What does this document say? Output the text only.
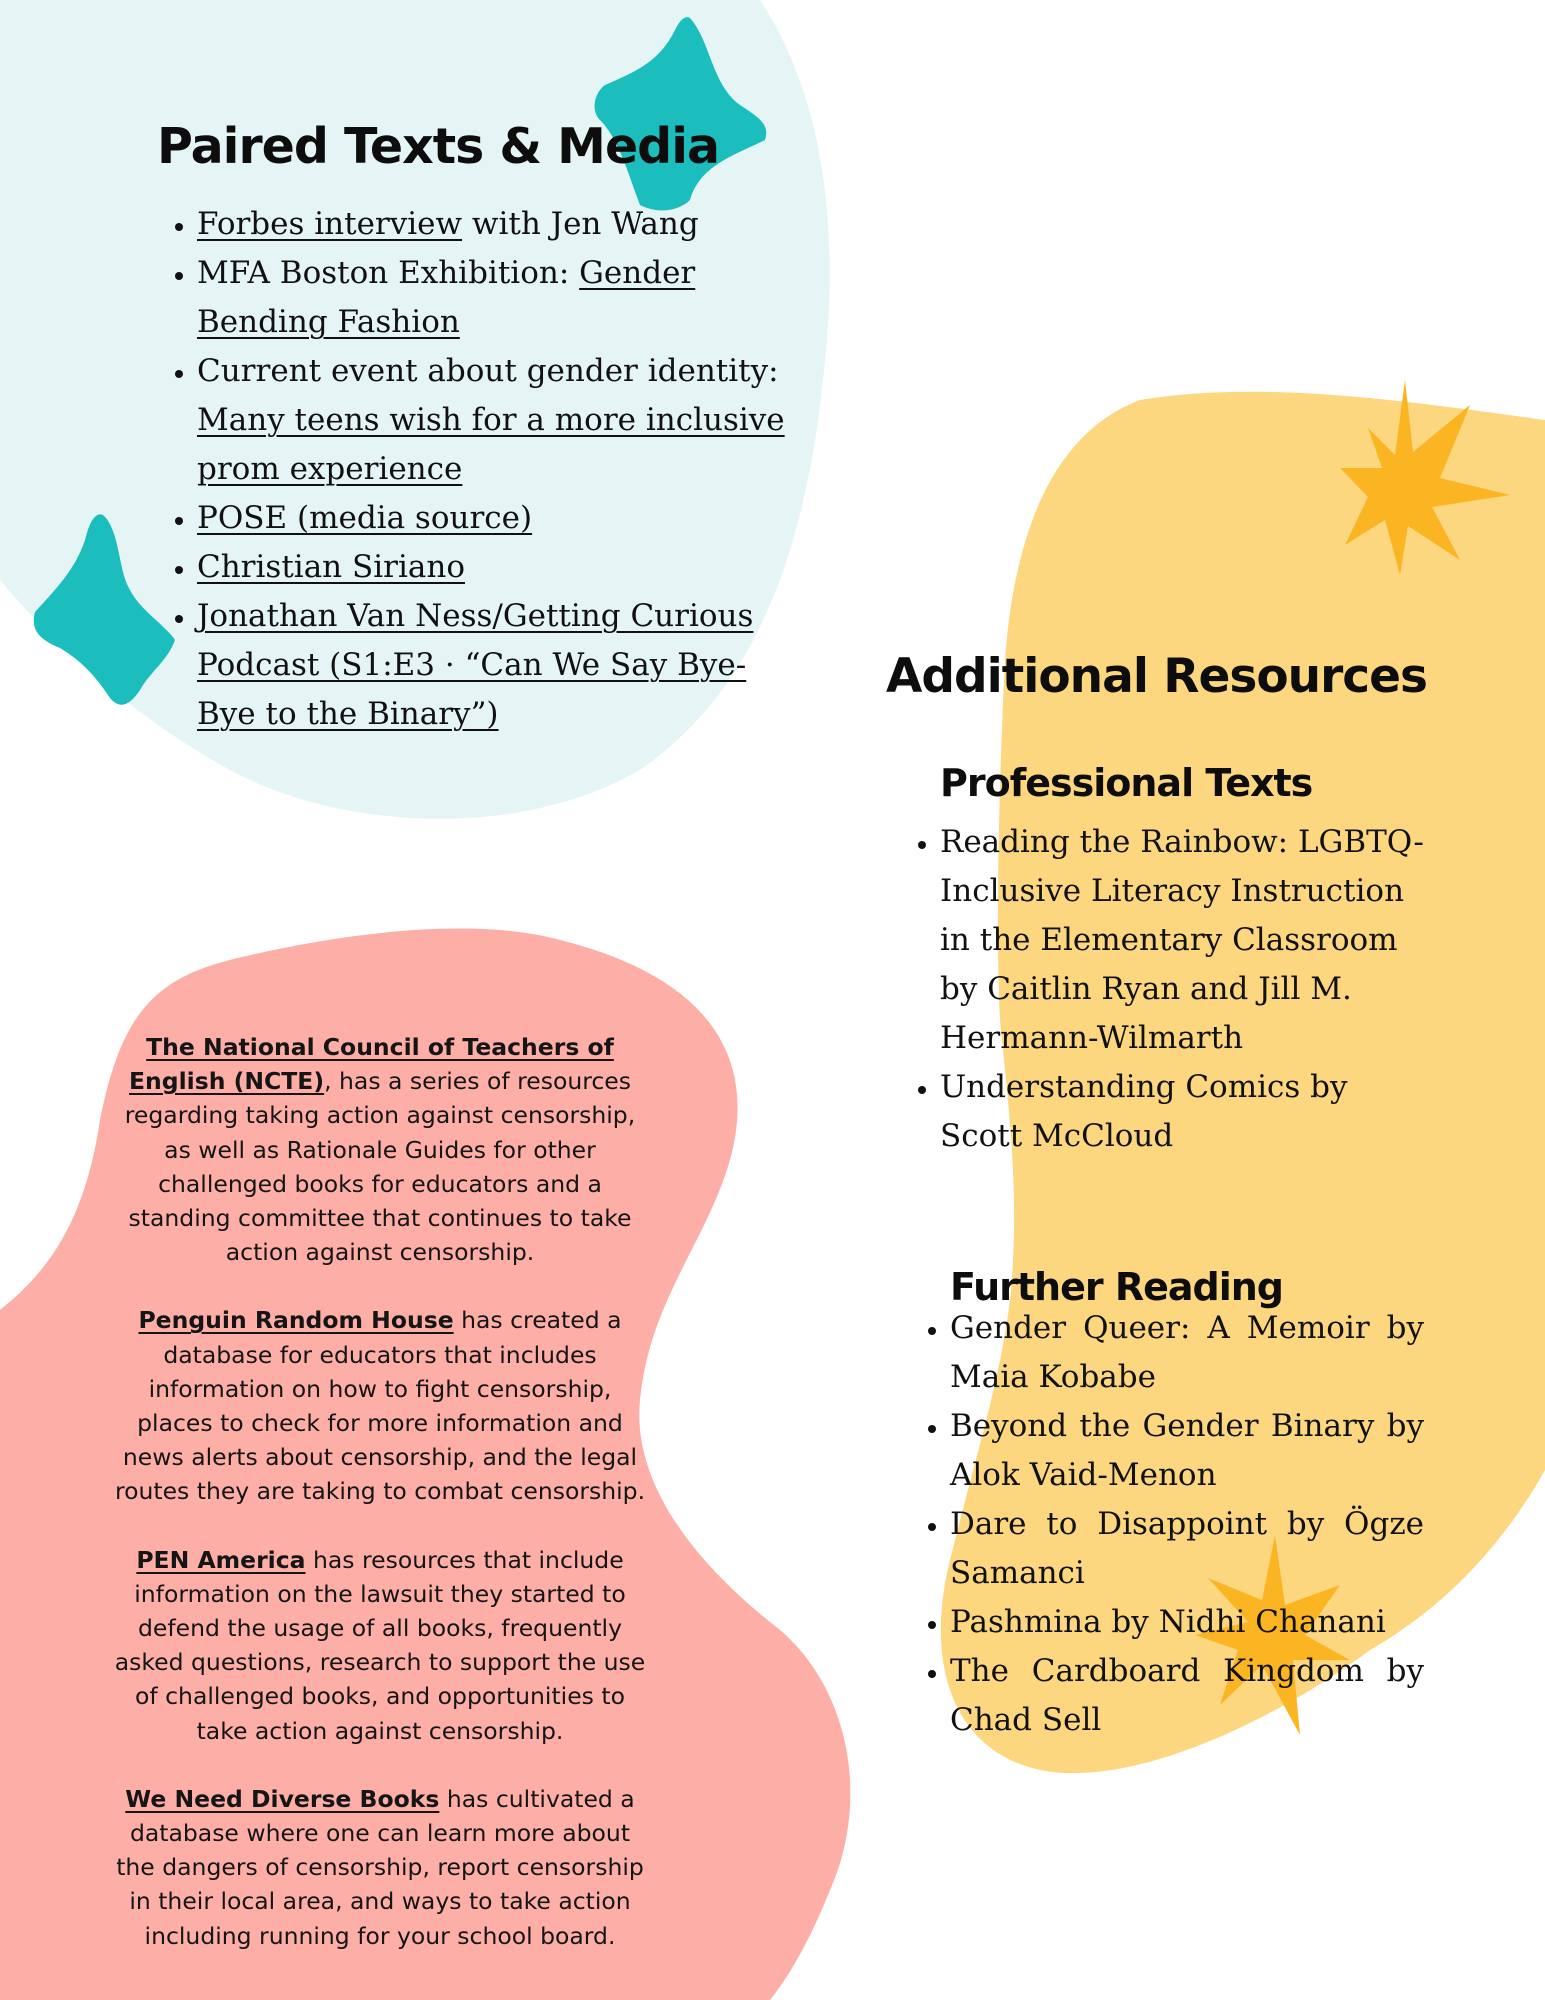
Paired Texts & Media
• Forbes interview with Jen Wang
• MFA Boston Exhibition: Gender Bending Fashion
• Current event about gender identity: Many teens wish for a more inclusive prom experience
• POSE (media source)
• Christian Siriano
• Jonathan Van Ness/Getting Curious Podcast (S1:E3 · “Can We Say Bye-Bye to the Binary”)

The National Council of Teachers of English (NCTE), has a series of resources regarding taking action against censorship, as well as Rationale Guides for other challenged books for educators and a standing committee that continues to take action against censorship.

Penguin Random House has created a database for educators that includes information on how to fight censorship, places to check for more information and news alerts about censorship, and the legal routes they are taking to combat censorship.

PEN America has resources that include information on the lawsuit they started to defend the usage of all books, frequently asked questions, research to support the use of challenged books, and opportunities to take action against censorship.

We Need Diverse Books has cultivated a database where one can learn more about the dangers of censorship, report censorship in their local area, and ways to take action including running for your school board.

Additional Resources
Professional Texts
• Reading the Rainbow: LGBTQ-Inclusive Literacy Instruction in the Elementary Classroom by Caitlin Ryan and Jill M. Hermann-Wilmarth
• Understanding Comics by Scott McCloud
Further Reading
• Gender Queer: A Memoir by Maia Kobabe
• Beyond the Gender Binary by Alok Vaid-Menon
• Dare to Disappoint by Ögze Samanci
• Pashmina by Nidhi Chanani
• The Cardboard Kingdom by Chad Sell
